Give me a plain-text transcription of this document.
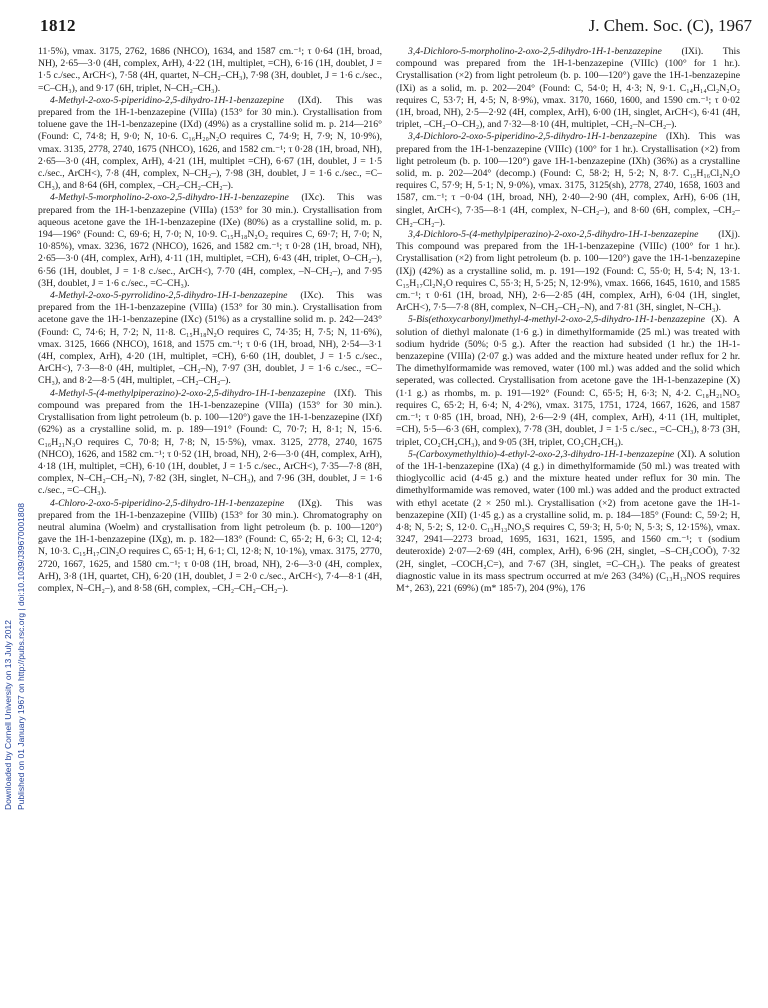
1812	J. Chem. Soc. (C), 1967
Downloaded by Cornell University on 13 July 2012 Published on 01 January 1967 on http://pubs.rsc.org | doi:10.1039/J39670001808

11·5%), νmax. 3175, 2762, 1686 (NHCO), 1634, and 1587 cm.⁻¹; τ 0·64 (1H, broad, NH), 2·65—3·0 (4H, complex, ArH), 4·22 (1H, multiplet, =CH), 6·16 (1H, doublet, J = 1·5 c./sec., ArCH<), 7·58 (4H, quartet, N–CH₂–CH₃), 7·98 (3H, doublet, J = 1·6 c./sec., =C–CH₃), and 9·17 (6H, triplet, N–CH₂–CH₃).

4-Methyl-2-oxo-5-piperidino-2,5-dihydro-1H-1-benzazepine (IXd). This was prepared from the 1H-1-benzazepine (VIIIa) (153° for 30 min.). Crystallisation from toluene gave the 1H-1-benzazepine (IXd) (49%) as a crystalline solid m. p. 214—216° (Found: C, 74·8; H, 9·0; N, 10·6. C₁₆H₂₀N₂O requires C, 74·9; H, 7·9; N, 10·9%), νmax. 3135, 2778, 2740, 1675 (NHCO), 1626, and 1582 cm.⁻¹; τ 0·28 (1H, broad, NH), 2·65—3·0 (4H, complex, ArH), 4·21 (1H, multiplet =CH), 6·67 (1H, doublet, J = 1·5 c./sec., ArCH<), 7·8 (4H, complex, N–CH₂–), 7·98 (3H, doublet, J = 1·6 c./sec., =C–CH₃), and 8·64 (6H, complex, –CH₂–CH₂–CH₂–).

4-Methyl-5-morpholino-2-oxo-2,5-dihydro-1H-1-benzazepine (IXc). This was prepared from the 1H-1-benzazepine (VIIIa) (153° for 30 min.). Crystallisation from aqueous acetone gave the 1H-1-benzazepine (IXe) (80%) as a crystalline solid, m. p. 194—196° (Found: C, 69·6; H, 7·0; N, 10·9. C₁₅H₁₈N₂O₂ requires C, 69·7; H, 7·0; N, 10·85%), νmax. 3236, 1672 (NHCO), 1626, and 1582 cm.⁻¹; τ 0·28 (1H, broad, NH), 2·65—3·0 (4H, complex, ArH), 4·11 (1H, multiplet, =CH), 6·43 (4H, triplet, O–CH₂–), 6·56 (1H, doublet, J = 1·8 c./sec., ArCH<), 7·70 (4H, complex, –N–CH₂–), and 7·95 (3H, doublet, J = 1·6 c./sec., =C–CH₃).

4-Methyl-2-oxo-5-pyrrolidino-2,5-dihydro-1H-1-benzazepine (IXc). This was prepared from the 1H-1-benzazepine (VIIIa) (153° for 30 min.). Crystallisation from acetone gave the 1H-1-benzazepine (IXc) (51%) as a crystalline solid m. p. 242—243° (Found: C, 74·6; H, 7·2; N, 11·8. C₁₅H₁₈N₂O requires C, 74·35; H, 7·5; N, 11·6%), νmax. 3125, 1666 (NHCO), 1618, and 1575 cm.⁻¹; τ 0·6 (1H, broad, NH), 2·54—3·1 (4H, complex, ArH), 4·20 (1H, multiplet, =CH), 6·60 (1H, doublet, J = 1·5 c./sec., ArCH<), 7·3—8·0 (4H, multiplet, –CH₂–N), 7·97 (3H, doublet, J = 1·6 c./sec., =C–CH₃), and 8·2—8·5 (4H, multiplet, –CH₂–CH₂–).

4-Methyl-5-(4-methylpiperazino)-2-oxo-2,5-dihydro-1H-1-benzazepine (IXf). This compound was prepared from the 1H-1-benzazepine (VIIIa) (153° for 30 min.). Crystallisation from light petroleum (b. p. 100—120°) gave the 1H-1-benzazepine (IXf) (62%) as a crystalline solid, m. p. 189—191° (Found: C, 70·7; H, 8·1; N, 15·6. C₁₆H₂₁N₃O requires C, 70·8; H, 7·8; N, 15·5%), νmax. 3125, 2778, 2740, 1675 (NHCO), 1626, and 1582 cm.⁻¹; τ 0·52 (1H, broad, NH), 2·6—3·0 (4H, complex, ArH), 4·18 (1H, multiplet, =CH), 6·10 (1H, doublet, J = 1·5 c./sec., ArCH<), 7·35—7·8 (8H, complex, N–CH₂–CH₂–N), 7·82 (3H, singlet, N–CH₃), and 7·96 (3H, doublet, J = 1·6 c./sec., =C–CH₃).

4-Chloro-2-oxo-5-piperidino-2,5-dihydro-1H-1-benzazepine (IXg). This was prepared from the 1H-1-benzazepine (VIIIb) (153° for 30 min.). Chromatography on neutral alumina (Woelm) and crystallisation from light petroleum (b. p. 100—120°) gave the 1H-1-benzazepine (IXg), m. p. 182—183° (Found: C, 65·2; H, 6·3; Cl, 12·4; N, 10·3. C₁₅H₁₇ClN₂O requires C, 65·1; H, 6·1; Cl, 12·8; N, 10·1%), νmax. 3175, 2770, 2720, 1667, 1625, and 1580 cm.⁻¹; τ 0·08 (1H, broad, NH), 2·6—3·0 (4H, complex, ArH), 3·8 (1H, quartet, CH), 6·20 (1H, doublet, J = 2·0 c./sec., ArCH<), 7·4—8·1 (4H, complex, N–CH₂–), and 8·58 (6H, complex, –CH₂–CH₂–CH₂–).

3,4-Dichloro-5-morpholino-2-oxo-2,5-dihydro-1H-1-benzazepine (IXi). This compound was prepared from the 1H-1-benzazepine (VIIIc) (100° for 1 hr.). Crystallisation (×2) from light petroleum (b. p. 100—120°) gave the 1H-1-benzazepine (IXi) as a solid, m. p. 202—204° (Found: C, 54·0; H, 4·3; N, 9·1. C₁₄H₁₄Cl₂N₂O₂ requires C, 53·7; H, 4·5; N, 8·9%), νmax. 3170, 1660, 1600, and 1590 cm.⁻¹; τ 0·02 (1H, broad, NH), 2·5—2·92 (4H, complex, ArH), 6·00 (1H, singlet, ArCH<), 6·41 (4H, triplet, –CH₂–O–CH₂), and 7·32—8·10 (4H, multiplet, –CH₂–N–CH₂–).

3,4-Dichloro-2-oxo-5-piperidino-2,5-dihydro-1H-1-benzazepine (IXh). This was prepared from the 1H-1-benzazepine (VIIIc) (100° for 1 hr.). Crystallisation (×2) from light petroleum (b. p. 100—120°) gave 1H-1-benzazepine (IXh) (36%) as a crystalline solid, m. p. 202—204° (decomp.) (Found: C, 58·2; H, 5·2; N, 8·7. C₁₅H₁₆Cl₂N₂O requires C, 57·9; H, 5·1; N, 9·0%), νmax. 3175, 3125(sh), 2778, 2740, 1658, 1603 and 1587, cm.⁻¹; τ −0·04 (1H, broad, NH), 2·40—2·90 (4H, complex, ArH), 6·06 (1H, singlet, ArCH<), 7·35—8·1 (4H, complex, N–CH₂–), and 8·60 (6H, complex, –CH₂–CH₂–CH₂–).

3,4-Dichloro-5-(4-methylpiperazino)-2-oxo-2,5-dihydro-1H-1-benzazepine (IXj). This compound was prepared from the 1H-1-benzazepine (VIIIc) (100° for 1 hr.). Crystallisation (×2) from light petroleum (b. p. 100—120°) gave the 1H-1-benzazepine (IXj) (42%) as a crystalline solid, m. p. 191—192 (Found: C, 55·0; H, 5·4; N, 13·1. C₁₅H₁₇Cl₂N₃O requires C, 55·3; H, 5·25; N, 12·9%), νmax. 1666, 1645, 1610, and 1585 cm.⁻¹; τ 0·61 (1H, broad, NH), 2·6—2·85 (4H, complex, ArH), 6·04 (1H, singlet, ArCH<), 7·5—7·8 (8H, complex, N–CH₂–CH₂–N), and 7·81 (3H, singlet, N–CH₃).

5-Bis(ethoxycarbonyl)methyl-4-methyl-2-oxo-2,5-dihydro-1H-1-benzazepine (X). A solution of diethyl malonate (1·6 g.) in dimethylformamide (25 ml.) was treated with sodium hydride (50%; 0·5 g.). After the reaction had subsided (1 hr.) the 1H-1-benzazepine (VIIIa) (2·07 g.) was added and the mixture heated under reflux for 2 hr. The dimethylformamide was removed, water (100 ml.) was added and the solid which seperated, was collected. Crystallisation from acetone gave the 1H-1-benzazepine (X) (1·1 g.) as rhombs, m. p. 191—192° (Found: C, 65·5; H, 6·3; N, 4·2. C₁₈H₂₁NO₅ requires C, 65·2; H, 6·4; N, 4·2%), νmax. 3175, 1751, 1724, 1667, 1626, and 1587 cm.⁻¹; τ 0·85 (1H, broad, NH), 2·6—2·9 (4H, complex, ArH), 4·11 (1H, multiplet, =CH), 5·5—6·3 (6H, complex), 7·78 (3H, doublet, J = 1·5 c./sec., =C–CH₃), 8·73 (3H, triplet, CO₂CH₂CH₃), and 9·05 (3H, triplet, CO₂CH₂CH₃).

5-(Carboxymethylthio)-4-ethyl-2-oxo-2,3-dihydro-1H-1-benzazepine (XI). A solution of the 1H-1-benzazepine (IXa) (4 g.) in dimethylformamide (50 ml.) was treated with thioglycollic acid (4·45 g.) and the mixture heated under reflux for 30 min. The dimethylformamide was removed, water (100 ml.) was added and the product extracted with ethyl acetate (2 × 250 ml.). Crystallisation (×2) from acetone gave the 1H-1-benzazepine (XII) (1·45 g.) as a crystalline solid, m. p. 184—185° (Found: C, 59·2; H, 4·8; N, 5·2; S, 12·0. C₁₃H₁₃NO₃S requires C, 59·3; H, 5·0; N, 5·3; S, 12·15%), νmax. 3247, 2941—2273 broad, 1695, 1631, 1621, 1595, and 1560 cm.⁻¹; τ (sodium deuteroxide) 2·07—2·69 (4H, complex, ArH), 6·96 (2H, singlet, –S–CH₂COŌ), 7·32 (2H, singlet, –COCH₂C=), and 7·67 (3H, singlet, =C–CH₃). The peaks of greatest diagnostic value in its mass spectrum occurred at m/e 263 (34%) (C₁₃H₁₃NOS requires M⁺, 263), 221 (69%) (m* 185·7), 204 (9%), 176
